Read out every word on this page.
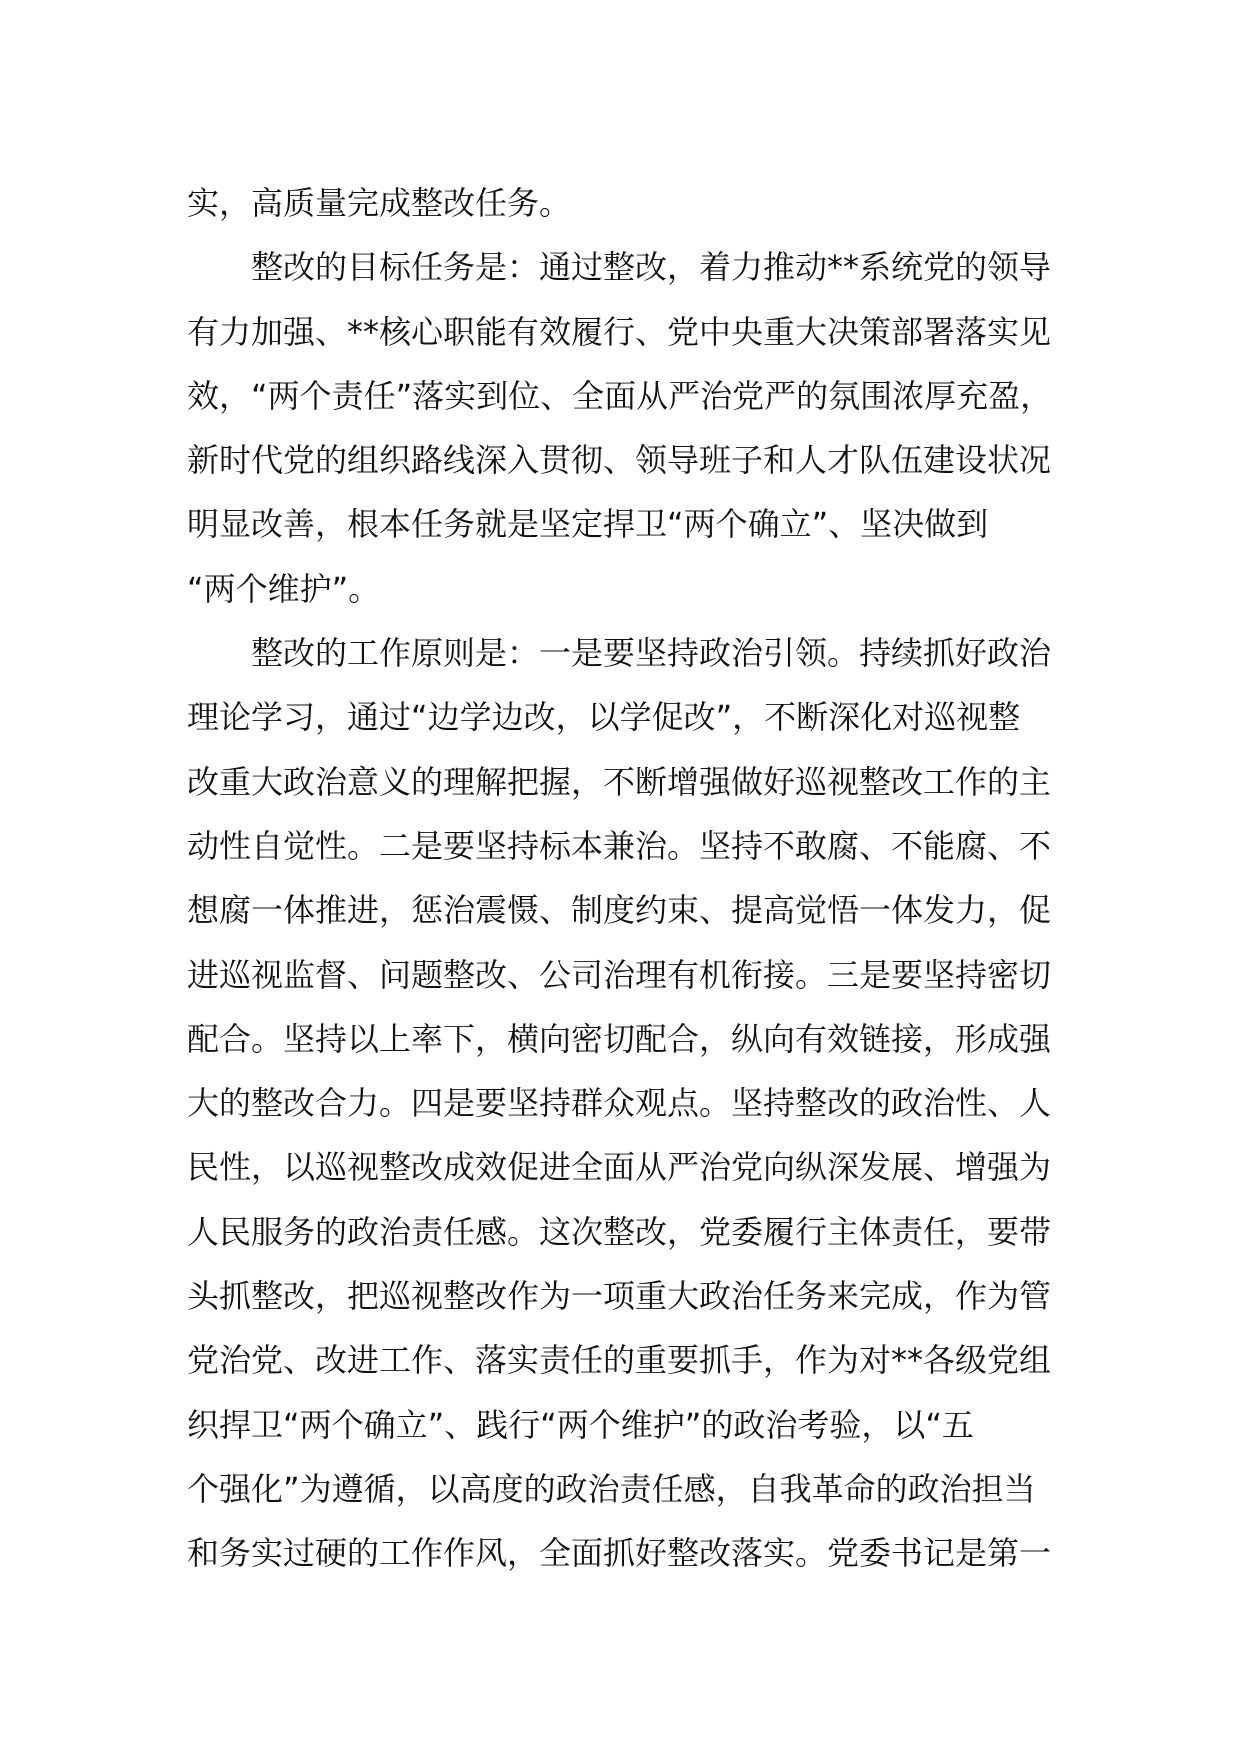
实，高质量完成整改任务。
　　整改的目标任务是：通过整改，着力推动**系统党的领导
有力加强、**核心职能有效履行、党中央重大决策部署落实见
效，“两个责任”落实到位、全面从严治党严的氛围浓厚充盈，
新时代党的组织路线深入贯彻、领导班子和人才队伍建设状况
明显改善，根本任务就是坚定捍卫“两个确立”、坚决做到
“两个维护”。
　　整改的工作原则是：一是要坚持政治引领。持续抓好政治
理论学习，通过“边学边改，以学促改”，不断深化对巡视整
改重大政治意义的理解把握，不断增强做好巡视整改工作的主
动性自觉性。二是要坚持标本兼治。坚持不敢腐、不能腐、不
想腐一体推进，惩治震慑、制度约束、提高觉悟一体发力，促
进巡视监督、问题整改、公司治理有机衔接。三是要坚持密切
配合。坚持以上率下，横向密切配合，纵向有效链接，形成强
大的整改合力。四是要坚持群众观点。坚持整改的政治性、人
民性，以巡视整改成效促进全面从严治党向纵深发展、增强为
人民服务的政治责任感。这次整改，党委履行主体责任，要带
头抓整改，把巡视整改作为一项重大政治任务来完成，作为管
党治党、改进工作、落实责任的重要抓手，作为对**各级党组
织捍卫“两个确立”、践行“两个维护”的政治考验，以“五
个强化”为遵循，以高度的政治责任感，自我革命的政治担当
和务实过硬的工作作风，全面抓好整改落实。党委书记是第一
